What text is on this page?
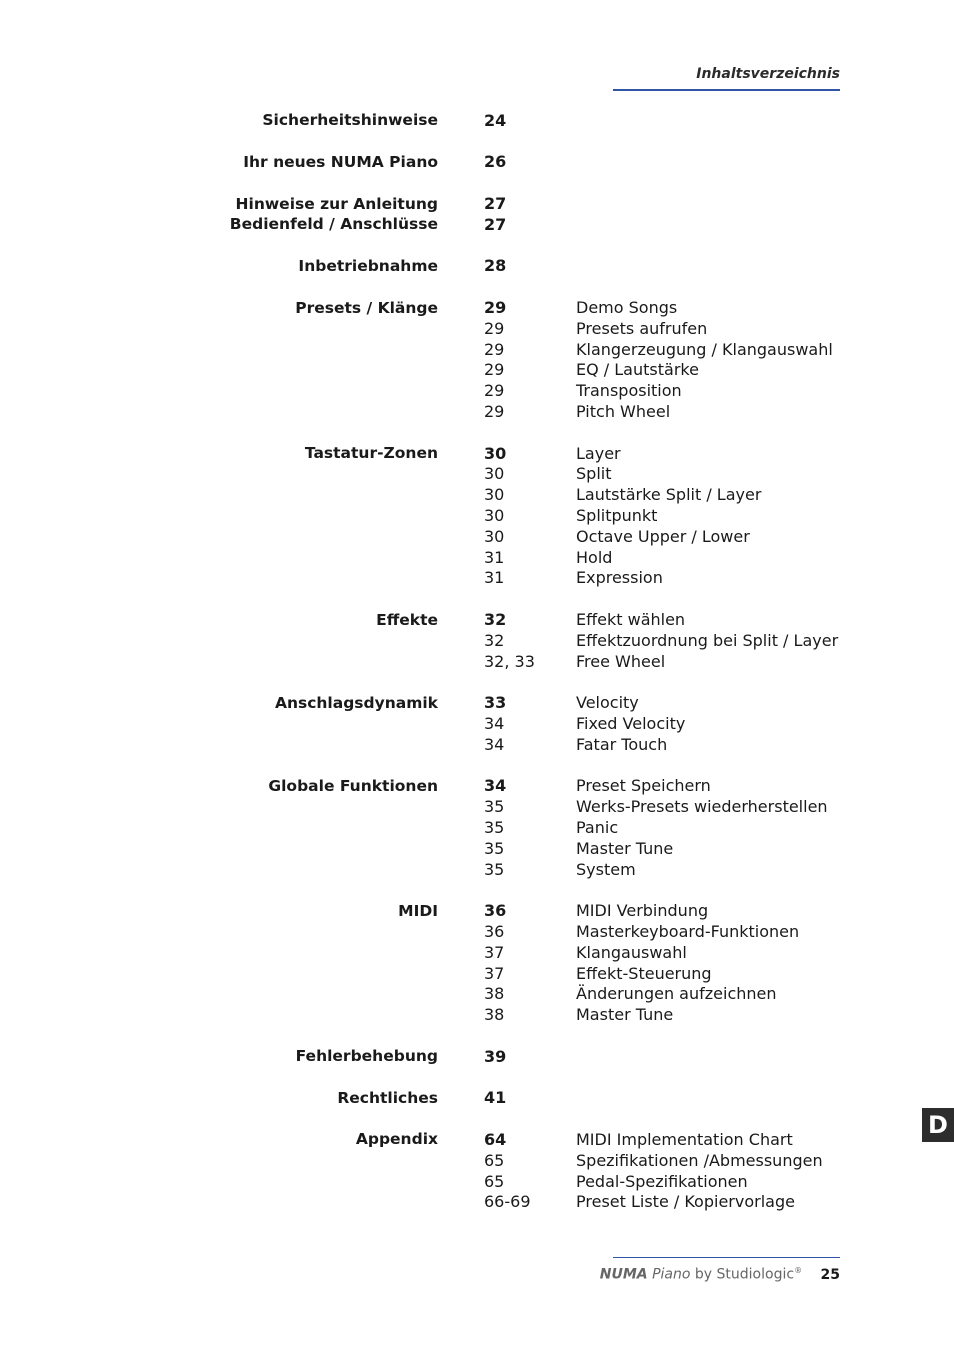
Inhaltsverzeichnis
Sicherheitshinweise	24
Ihr neues NUMA Piano	26
Hinweise zur Anleitung	27
Bedienfeld / Anschlüsse	27
Inbetriebnahme	28
Presets / Klänge	29	Demo Songs
29	Presets aufrufen
29	Klangerzeugung / Klangauswahl
29	EQ / Lautstärke
29	Transposition
29	Pitch Wheel
Tastatur-Zonen	30	Layer
30	Split
30	Lautstärke Split / Layer
30	Splitpunkt
30	Octave Upper / Lower
31	Hold
31	Expression
Effekte	32	Effekt wählen
32	Effektzuordnung bei Split / Layer
32, 33	Free Wheel
Anschlagsdynamik	33	Velocity
34	Fixed Velocity
34	Fatar Touch
Globale Funktionen	34	Preset Speichern
35	Werks-Presets wiederherstellen
35	Panic
35	Master Tune
35	System
MIDI	36	MIDI Verbindung
36	Masterkeyboard-Funktionen
37	Klangauswahl
37	Effekt-Steuerung
38	Änderungen aufzeichnen
38	Master Tune
Fehlerbehebung	39
Rechtliches	41
Appendix	64	MIDI Implementation Chart
65	Spezifikationen /Abmessungen
65	Pedal-Spezifikationen
66-69	Preset Liste / Kopiervorlage
D
NUMA Piano by Studiologic® 25
